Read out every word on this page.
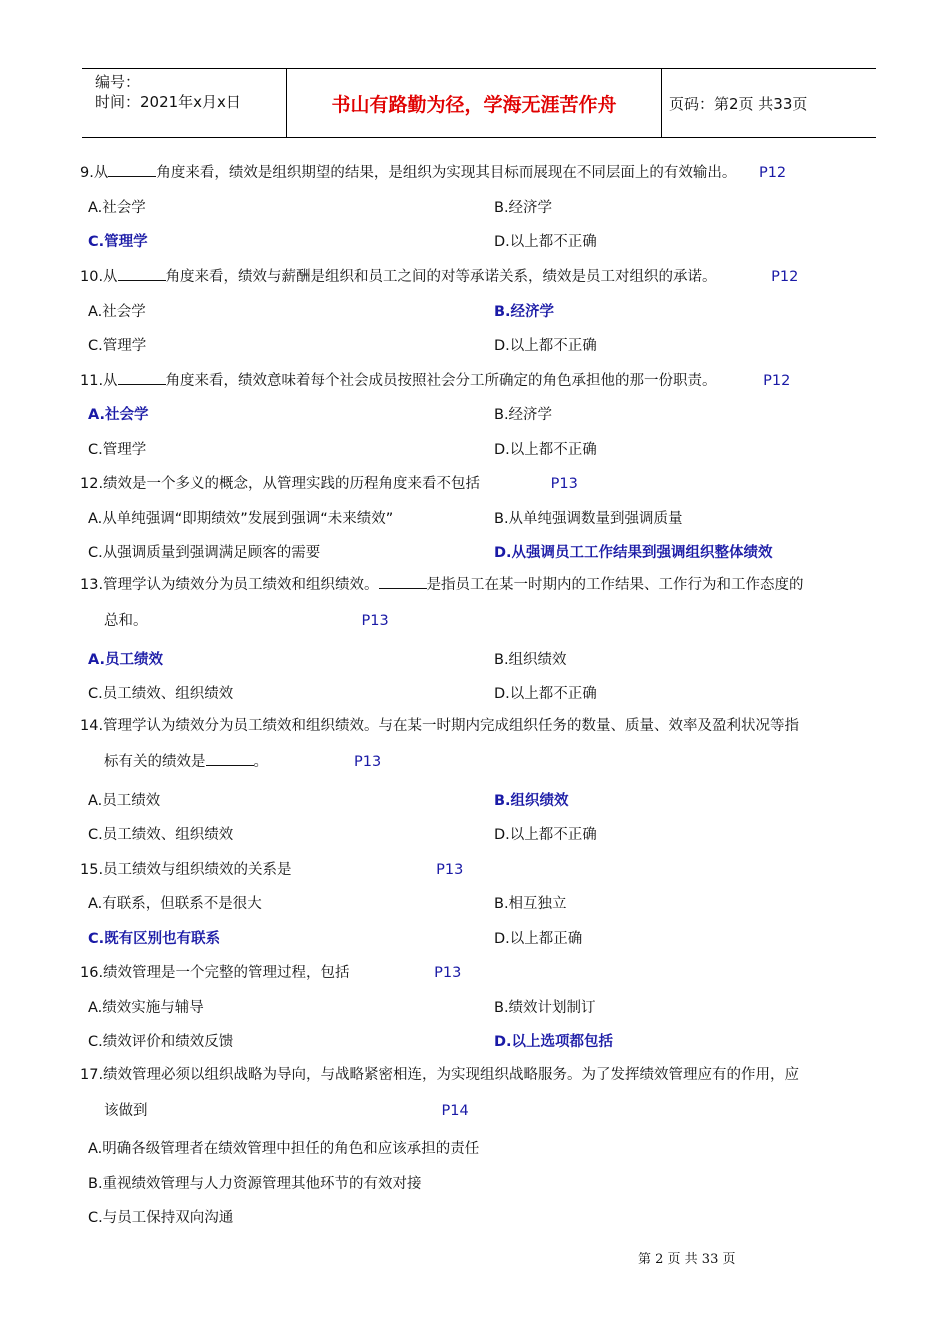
编号：
时间：2021年x月x日	书山有路勤为径，学海无涯苦作舟	页码：第2页 共33页
9.从	角度来看，绩效是组织期望的结果，是组织为实现其目标而展现在不同层面上的有效输出。 P12
A.社会学	B.经济学
C.管理学	D.以上都不正确
10.从	角度来看，绩效与薪酬是组织和员工之间的对等承诺关系，绩效是员工对组织的承诺。	P12
A.社会学	B.经济学
C.管理学	D.以上都不正确
11.从	角度来看，绩效意味着每个社会成员按照社会分工所确定的角色承担他的那一份职责。	P12
A.社会学	B.经济学
C.管理学	D.以上都不正确
12.绩效是一个多义的概念，从管理实践的历程角度来看不包括	P13
A.从单纯强调“即期绩效”发展到强调“未来绩效”	B.从单纯强调数量到强调质量
C.从强调质量到强调满足顾客的需要	D.从强调员工工作结果到强调组织整体绩效
13.管理学认为绩效分为员工绩效和组织绩效。	是指员工在某一时期内的工作结果、工作行为和工作态度的
总和。	P13
A.员工绩效	B.组织绩效
C.员工绩效、组织绩效	D.以上都不正确
14.管理学认为绩效分为员工绩效和组织绩效。与在某一时期内完成组织任务的数量、质量、效率及盈利状况等指
标有关的绩效是	。	P13
A.员工绩效	B.组织绩效
C.员工绩效、组织绩效	D.以上都不正确
15.员工绩效与组织绩效的关系是	P13
A.有联系，但联系不是很大	B.相互独立
C.既有区别也有联系	D.以上都正确
16.绩效管理是一个完整的管理过程，包括	P13
A.绩效实施与辅导	B.绩效计划制订
C.绩效评价和绩效反馈	D.以上选项都包括
17.绩效管理必须以组织战略为导向，与战略紧密相连，为实现组织战略服务。为了发挥绩效管理应有的作用，应
该做到	P14
A.明确各级管理者在绩效管理中担任的角色和应该承担的责任
B.重视绩效管理与人力资源管理其他环节的有效对接
C.与员工保持双向沟通
第 2 页 共 33 页
